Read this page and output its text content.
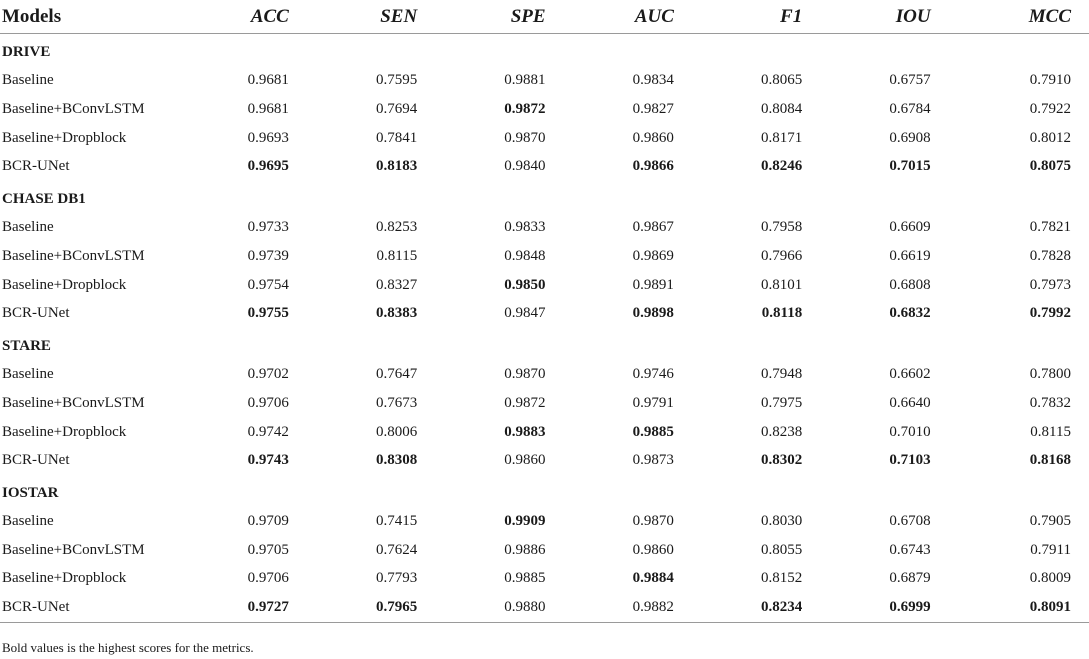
Models	ACC	SEN	SPE	AUC	F1	IOU	MCC
DRIVE							
Baseline	0.9681	0.7595	0.9881	0.9834	0.8065	0.6757	0.7910
Baseline+BConvLSTM	0.9681	0.7694	0.9872	0.9827	0.8084	0.6784	0.7922
Baseline+Dropblock	0.9693	0.7841	0.9870	0.9860	0.8171	0.6908	0.8012
BCR-UNet	0.9695	0.8183	0.9840	0.9866	0.8246	0.7015	0.8075
CHASE DB1							
Baseline	0.9733	0.8253	0.9833	0.9867	0.7958	0.6609	0.7821
Baseline+BConvLSTM	0.9739	0.8115	0.9848	0.9869	0.7966	0.6619	0.7828
Baseline+Dropblock	0.9754	0.8327	0.9850	0.9891	0.8101	0.6808	0.7973
BCR-UNet	0.9755	0.8383	0.9847	0.9898	0.8118	0.6832	0.7992
STARE							
Baseline	0.9702	0.7647	0.9870	0.9746	0.7948	0.6602	0.7800
Baseline+BConvLSTM	0.9706	0.7673	0.9872	0.9791	0.7975	0.6640	0.7832
Baseline+Dropblock	0.9742	0.8006	0.9883	0.9885	0.8238	0.7010	0.8115
BCR-UNet	0.9743	0.8308	0.9860	0.9873	0.8302	0.7103	0.8168
IOSTAR							
Baseline	0.9709	0.7415	0.9909	0.9870	0.8030	0.6708	0.7905
Baseline+BConvLSTM	0.9705	0.7624	0.9886	0.9860	0.8055	0.6743	0.7911
Baseline+Dropblock	0.9706	0.7793	0.9885	0.9884	0.8152	0.6879	0.8009
BCR-UNet	0.9727	0.7965	0.9880	0.9882	0.8234	0.6999	0.8091
Bold values is the highest scores for the metrics.
